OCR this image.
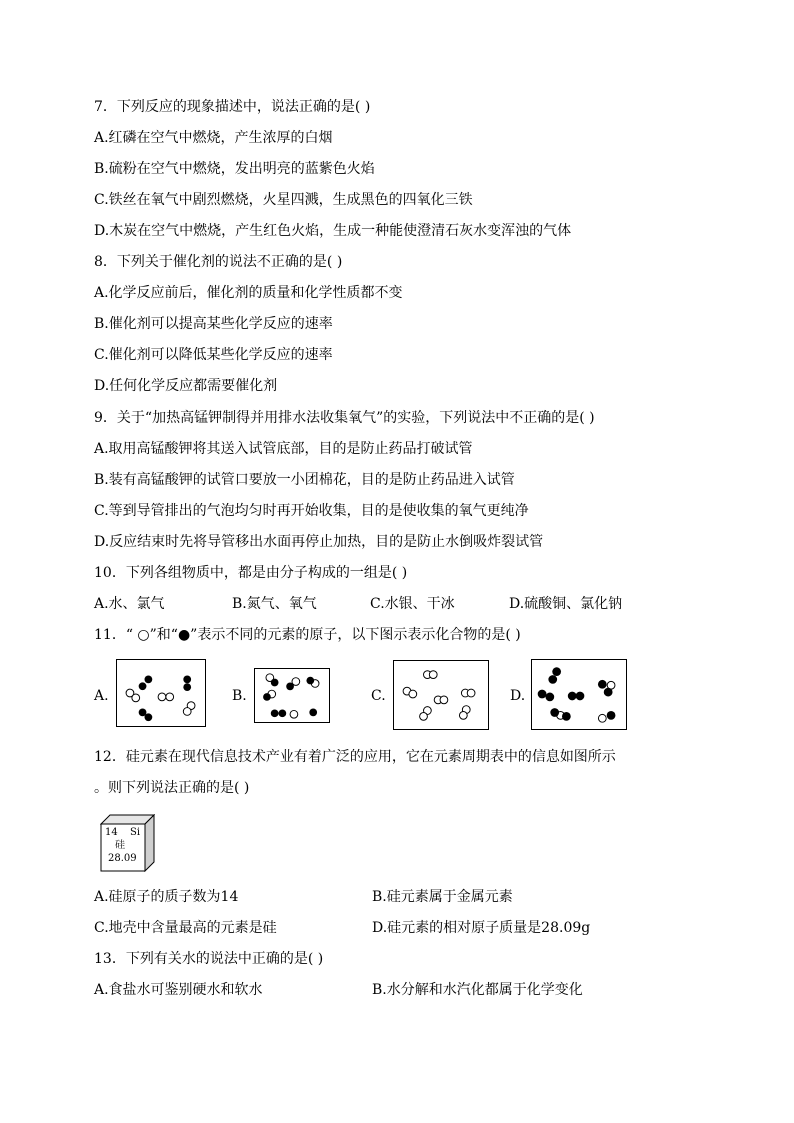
7．下列反应的现象描述中，说法正确的是( )
A.红磷在空气中燃烧，产生浓厚的白烟
B.硫粉在空气中燃烧，发出明亮的蓝紫色火焰
C.铁丝在氧气中剧烈燃烧，火星四溅，生成黑色的四氧化三铁
D.木炭在空气中燃烧，产生红色火焰，生成一种能使澄清石灰水变浑浊的气体
8．下列关于催化剂的说法不正确的是( )
A.化学反应前后，催化剂的质量和化学性质都不变
B.催化剂可以提高某些化学反应的速率
C.催化剂可以降低某些化学反应的速率
D.任何化学反应都需要催化剂
9．关于“加热高锰钾制得并用排水法收集氧气”的实验，下列说法中不正确的是( )
A.取用高锰酸钾将其送入试管底部，目的是防止药品打破试管
B.装有高锰酸钾的试管口要放一小团棉花，目的是防止药品进入试管
C.等到导管排出的气泡均匀时再开始收集，目的是使收集的氧气更纯净
D.反应结束时先将导管移出水面再停止加热，目的是防止水倒吸炸裂试管
10．下列各组物质中，都是由分子构成的一组是( )
A.水、氯气	B.氮气、氧气	C.水银、干冰	D.硫酸铜、氯化钠
11．“ ○”和“●”表示不同的元素的原子，以下图示表示化合物的是( )
A.	B.	C.	D.
12．硅元素在现代信息技术产业有着广泛的应用，它在元素周期表中的信息如图所示
。则下列说法正确的是( )
14 Si
硅
28.09
A.硅原子的质子数为14	B.硅元素属于金属元素
C.地壳中含量最高的元素是硅	D.硅元素的相对原子质量是28.09g
13．下列有关水的说法中正确的是( )
A.食盐水可鉴别硬水和软水	B.水分解和水汽化都属于化学变化
